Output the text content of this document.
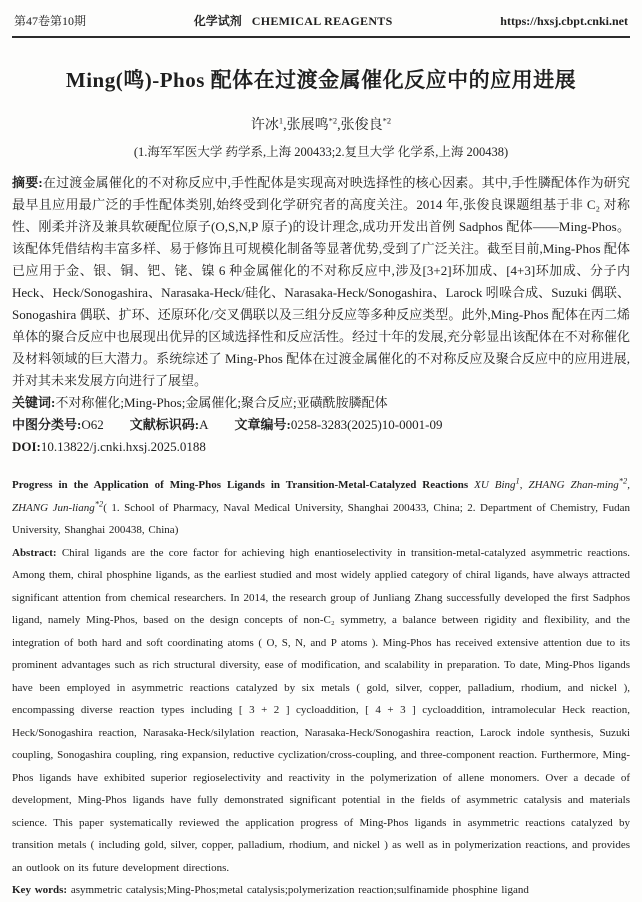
第47卷第10期	化学试剂 CHEMICAL REAGENTS	https://hxsj.cbpt.cnki.net
Ming(鸣)-Phos 配体在过渡金属催化反应中的应用进展
许冰$^1$,张展鸣$^{*2}$,张俊良$^{*2}$
(1.海军军医大学 药学系,上海 200433;2.复旦大学 化学系,上海 200438)

摘要:在过渡金属催化的不对称反应中,手性配体是实现高对映选择性的核心因素。其中,手性膦配体作为研究最早且应用最广泛的手性配体类别,始终受到化学研究者的高度关注。2014 年,张俊良课题组基于非 C₂ 对称性、刚柔并济及兼具软硬配位原子(O,S,N,P 原子)的设计理念,成功开发出首例 Sadphos 配体——Ming-Phos。该配体凭借结构丰富多样、易于修饰且可规模化制备等显著优势,受到了广泛关注。截至目前,Ming-Phos 配体已应用于金、银、铜、钯、铑、镍 6 种金属催化的不对称反应中,涉及[3+2]环加成、[4+3]环加成、分子内 Heck、Heck/Sonogashira、Narasaka-Heck/硅化、Narasaka-Heck/Sonogashira、Larock 吲哚合成、Suzuki 偶联、Sonogashira 偶联、扩环、还原环化/交叉偶联以及三组分反应等多种反应类型。此外,Ming-Phos 配体在丙二烯单体的聚合反应中也展现出优异的区域选择性和反应活性。经过十年的发展,充分彰显出该配体在不对称催化及材料领域的巨大潜力。系统综述了 Ming-Phos 配体在过渡金属催化的不对称反应及聚合反应中的应用进展,并对其未来发展方向进行了展望。

关键词:不对称催化;Ming-Phos;金属催化;聚合反应;亚磺酰胺膦配体

中图分类号:O62 文献标识码:A 文章编号:0258-3283(2025)10-0001-09

DOI:10.13822/j.cnki.hxsj.2025.0188

Progress in the Application of Ming-Phos Ligands in Transition-Metal-Catalyzed Reactions XU Bing$^1$, ZHANG Zhan-ming$^{*2}$, ZHANG Jun-liang$^{*2}$( 1. School of Pharmacy, Naval Medical University, Shanghai 200433, China; 2. Department of Chemistry, Fudan University, Shanghai 200438, China)

Abstract: Chiral ligands are the core factor for achieving high enantioselectivity in transition-metal-catalyzed asymmetric reactions. Among them, chiral phosphine ligands, as the earliest studied and most widely applied category of chiral ligands, have always attracted significant attention from chemical researchers. In 2014, the research group of Junliang Zhang successfully developed the first Sadphos ligand, namely Ming-Phos, based on the design concepts of non-C₂ symmetry, a balance between rigidity and flexibility, and the integration of both hard and soft coordinating atoms ( O, S, N, and P atoms ). Ming-Phos has received extensive attention due to its prominent advantages such as rich structural diversity, ease of modification, and scalability in preparation. To date, Ming-Phos ligands have been employed in asymmetric reactions catalyzed by six metals ( gold, silver, copper, palladium, rhodium, and nickel ), encompassing diverse reaction types including [ 3 + 2 ] cycloaddition, [ 4 + 3 ] cycloaddition, intramolecular Heck reaction, Heck/Sonogashira reaction, Narasaka-Heck/silylation reaction, Narasaka-Heck/Sonogashira reaction, Larock indole synthesis, Suzuki coupling, Sonogashira coupling, ring expansion, reductive cyclization/cross-coupling, and three-component reaction. Furthermore, Ming-Phos ligands have exhibited superior regioselectivity and reactivity in the polymerization of allene monomers. Over a decade of development, Ming-Phos ligands have fully demonstrated significant potential in the fields of asymmetric catalysis and materials science. This paper systematically reviewed the application progress of Ming-Phos ligands in asymmetric reactions catalyzed by transition metals ( including gold, silver, copper, palladium, rhodium, and nickel ) as well as in polymerization reactions, and provides an outlook on its future development directions.

Key words: asymmetric catalysis;Ming-Phos;metal catalysis;polymerization reaction;sulfinamide phosphine ligand
